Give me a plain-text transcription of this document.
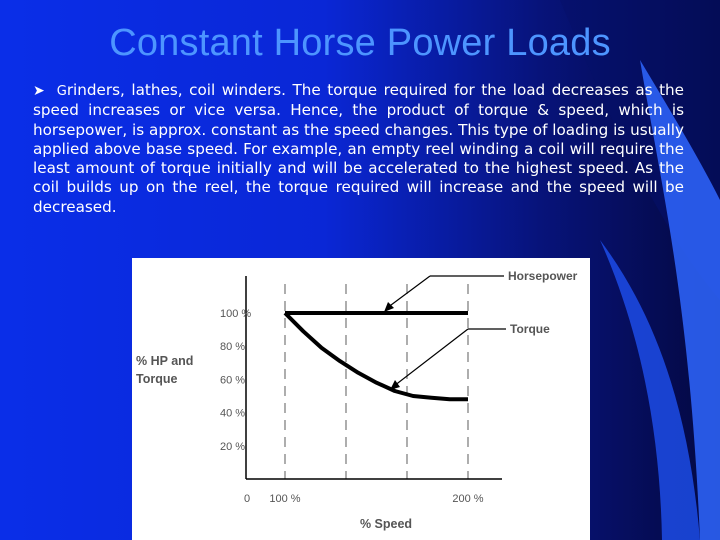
Constant Horse Power Loads
➤ Grinders, lathes, coil winders. The torque required for the load decreases as the speed increases or vice versa. Hence, the product of torque & speed, which is horsepower, is approx. constant as the speed changes. This type of loading is usually applied above base speed. For example, an empty reel winding a coil will require the least amount of torque initially and will be accelerated to the highest speed. As the coil builds up on the reel, the torque required will increase and the speed will be decreased.
20 %
40 %
60 %
80 %
100 %
0 100 %	200 %
% HP and
Torque
% Speed
Horsepower
Torque
